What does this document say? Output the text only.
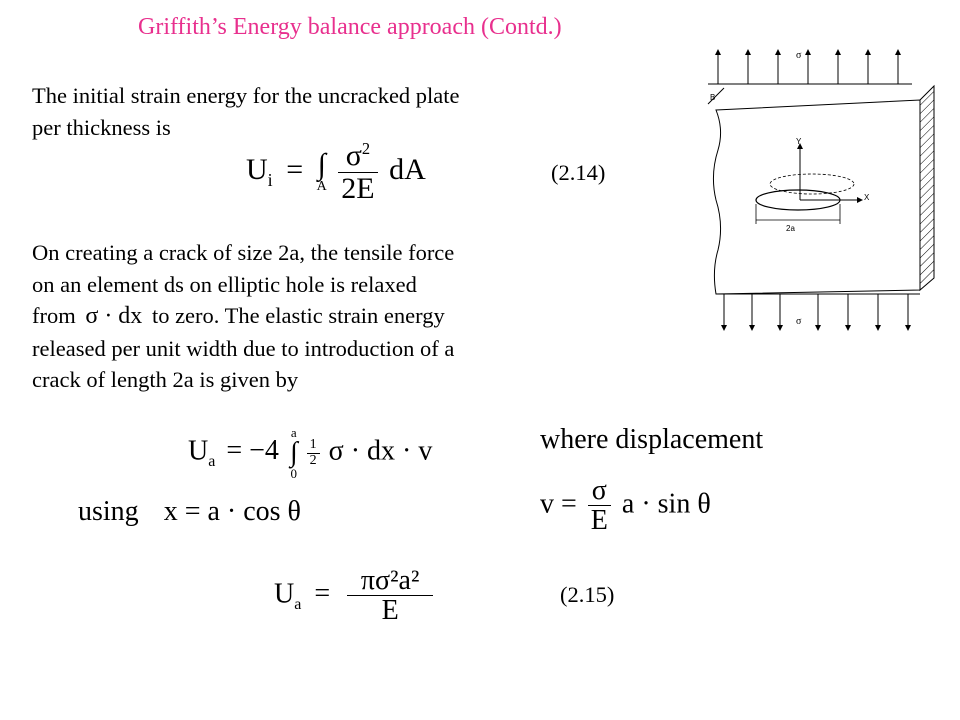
Griffith’s Energy balance approach (Contd.)
The initial strain energy for the uncracked plate
per thickness is
$U_i$ = ∫
A
$\frac{\sigma^2}{2E}$ dA	(2.14)
On creating a crack of size 2a, the tensile force
on an element ds on elliptic hole is relaxed
from σ · dx to zero. The elastic strain energy
released per unit width due to introduction of a
crack of length 2a is given by
$U_a = -4$
a
∫
0

$\frac{1}{2}$ σ · dx · v	where displacement
using x = a · cos θ	$v = \frac{\sigma}{E}$ a · sin θ
$U_a = \frac{\text{πσ²a²}}{E}$	(2.15)
σ
B
Y
X
2a
σ
